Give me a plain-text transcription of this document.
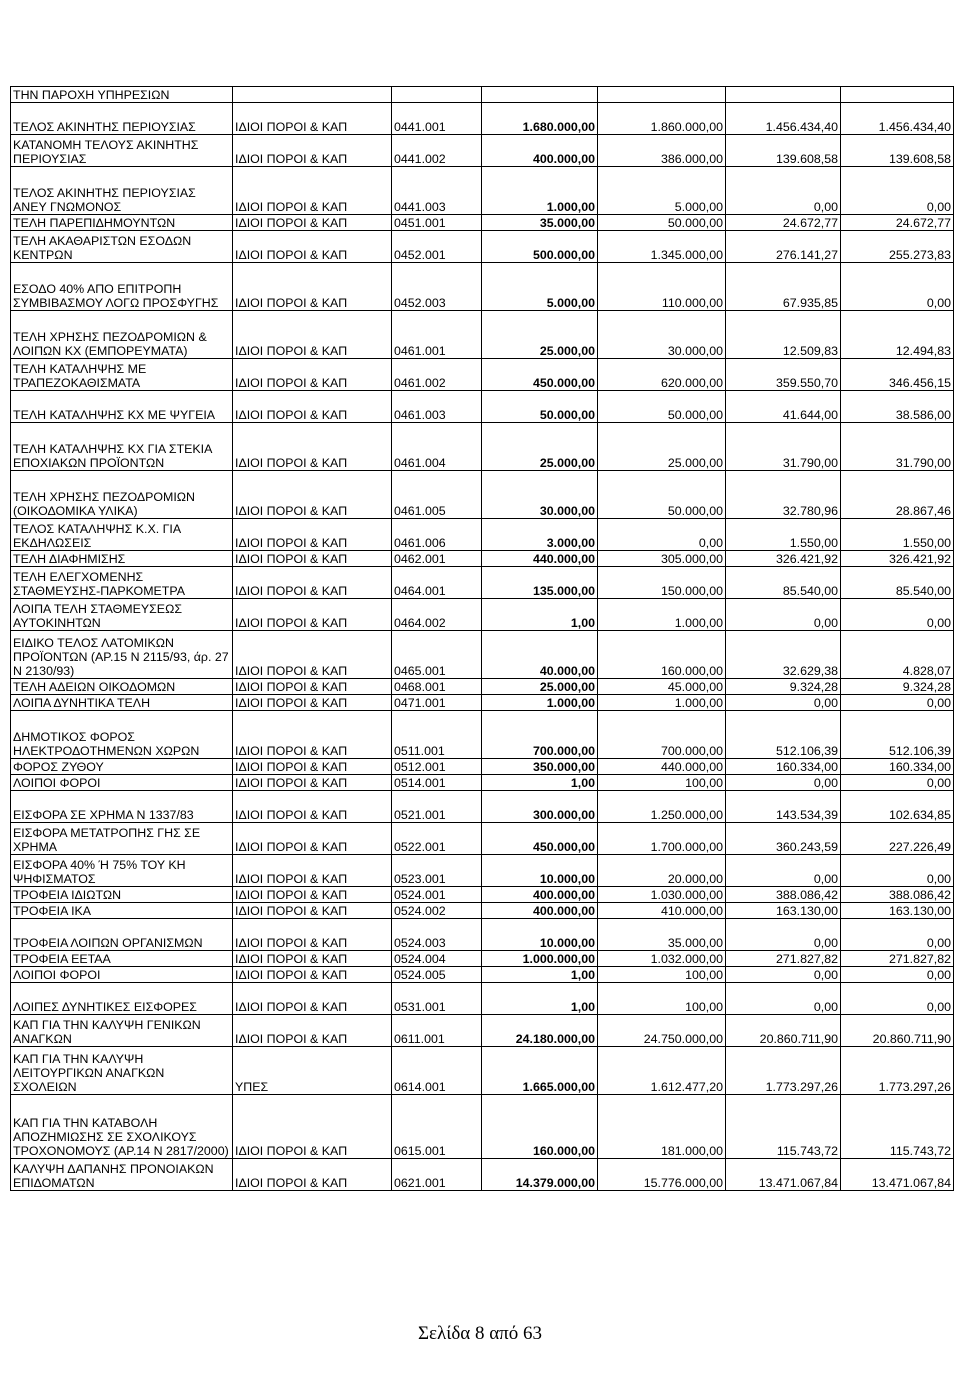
ΤΗΝ ΠΑΡΟΧΗ ΥΠΗΡΕΣΙΩΝ						
ΤΕΛΟΣ ΑΚΙΝΗΤΗΣ ΠΕΡΙΟΥΣΙΑΣ	ΙΔΙΟΙ ΠΟΡΟΙ & ΚΑΠ	0441.001	1.680.000,00	1.860.000,00	1.456.434,40	1.456.434,40
ΚΑΤΑΝΟΜΗ ΤΕΛΟΥΣ ΑΚΙΝΗΤΗΣ ΠΕΡΙΟΥΣΙΑΣ	ΙΔΙΟΙ ΠΟΡΟΙ & ΚΑΠ	0441.002	400.000,00	386.000,00	139.608,58	139.608,58
ΤΕΛΟΣ ΑΚΙΝΗΤΗΣ ΠΕΡΙΟΥΣΙΑΣ ΑΝΕΥ ΓΝΩΜΟΝΟΣ	ΙΔΙΟΙ ΠΟΡΟΙ & ΚΑΠ	0441.003	1.000,00	5.000,00	0,00	0,00
ΤΕΛΗ ΠΑΡΕΠΙΔΗΜΟΥΝΤΩΝ	ΙΔΙΟΙ ΠΟΡΟΙ & ΚΑΠ	0451.001	35.000,00	50.000,00	24.672,77	24.672,77
ΤΕΛΗ ΑΚΑΘΑΡΙΣΤΩΝ ΕΣΟΔΩΝ ΚΕΝΤΡΩΝ	ΙΔΙΟΙ ΠΟΡΟΙ & ΚΑΠ	0452.001	500.000,00	1.345.000,00	276.141,27	255.273,83
ΕΣΟΔΟ 40% ΑΠΟ ΕΠΙΤΡΟΠΗ ΣΥΜΒΙΒΑΣΜΟΥ ΛΟΓΩ ΠΡΟΣΦΥΓΗΣ	ΙΔΙΟΙ ΠΟΡΟΙ & ΚΑΠ	0452.003	5.000,00	110.000,00	67.935,85	0,00
ΤΕΛΗ ΧΡΗΣΗΣ ΠΕΖΟΔΡΟΜΙΩΝ & ΛΟΙΠΩΝ ΚΧ (ΕΜΠΟΡΕΥΜΑΤΑ)	ΙΔΙΟΙ ΠΟΡΟΙ & ΚΑΠ	0461.001	25.000,00	30.000,00	12.509,83	12.494,83
ΤΕΛΗ ΚΑΤΑΛΗΨΗΣ ΜΕ ΤΡΑΠΕΖΟΚΑΘΙΣΜΑΤΑ	ΙΔΙΟΙ ΠΟΡΟΙ & ΚΑΠ	0461.002	450.000,00	620.000,00	359.550,70	346.456,15
ΤΕΛΗ ΚΑΤΑΛΗΨΗΣ ΚΧ ΜΕ ΨΥΓΕΙΑ	ΙΔΙΟΙ ΠΟΡΟΙ & ΚΑΠ	0461.003	50.000,00	50.000,00	41.644,00	38.586,00
ΤΕΛΗ ΚΑΤΑΛΗΨΗΣ ΚΧ ΓΙΑ ΣΤΕΚΙΑ ΕΠΟΧΙΑΚΩΝ ΠΡΟΪΟΝΤΩΝ	ΙΔΙΟΙ ΠΟΡΟΙ & ΚΑΠ	0461.004	25.000,00	25.000,00	31.790,00	31.790,00
ΤΕΛΗ ΧΡΗΣΗΣ ΠΕΖΟΔΡΟΜΙΩΝ (ΟΙΚΟΔΟΜΙΚΑ ΥΛΙΚΑ)	ΙΔΙΟΙ ΠΟΡΟΙ & ΚΑΠ	0461.005	30.000,00	50.000,00	32.780,96	28.867,46
ΤΕΛΟΣ ΚΑΤΑΛΗΨΗΣ Κ.Χ. ΓΙΑ ΕΚΔΗΛΩΣΕΙΣ	ΙΔΙΟΙ ΠΟΡΟΙ & ΚΑΠ	0461.006	3.000,00	0,00	1.550,00	1.550,00
ΤΕΛΗ ΔΙΑΦΗΜΙΣΗΣ	ΙΔΙΟΙ ΠΟΡΟΙ & ΚΑΠ	0462.001	440.000,00	305.000,00	326.421,92	326.421,92
ΤΕΛΗ ΕΛΕΓΧΟΜΕΝΗΣ ΣΤΑΘΜΕΥΣΗΣ-ΠΑΡΚΟΜΕΤΡΑ	ΙΔΙΟΙ ΠΟΡΟΙ & ΚΑΠ	0464.001	135.000,00	150.000,00	85.540,00	85.540,00
ΛΟΙΠΑ ΤΕΛΗ ΣΤΑΘΜΕΥΣΕΩΣ ΑΥΤΟΚΙΝΗΤΩΝ	ΙΔΙΟΙ ΠΟΡΟΙ & ΚΑΠ	0464.002	1,00	1.000,00	0,00	0,00
ΕΙΔΙΚΟ ΤΕΛΟΣ ΛΑΤΟΜΙΚΩΝ ΠΡΟΪΟΝΤΩΝ (ΑΡ.15 Ν 2115/93, άρ. 27 Ν 2130/93)	ΙΔΙΟΙ ΠΟΡΟΙ & ΚΑΠ	0465.001	40.000,00	160.000,00	32.629,38	4.828,07
ΤΕΛΗ ΑΔΕΙΩΝ ΟΙΚΟΔΟΜΩΝ	ΙΔΙΟΙ ΠΟΡΟΙ & ΚΑΠ	0468.001	25.000,00	45.000,00	9.324,28	9.324,28
ΛΟΙΠΑ ΔΥΝΗΤΙΚΑ ΤΕΛΗ	ΙΔΙΟΙ ΠΟΡΟΙ & ΚΑΠ	0471.001	1.000,00	1.000,00	0,00	0,00
ΔΗΜΟΤΙΚΟΣ ΦΟΡΟΣ ΗΛΕΚΤΡΟΔΟΤΗΜΕΝΩΝ ΧΩΡΩΝ	ΙΔΙΟΙ ΠΟΡΟΙ & ΚΑΠ	0511.001	700.000,00	700.000,00	512.106,39	512.106,39
ΦΟΡΟΣ ΖΥΘΟΥ	ΙΔΙΟΙ ΠΟΡΟΙ & ΚΑΠ	0512.001	350.000,00	440.000,00	160.334,00	160.334,00
ΛΟΙΠΟΙ ΦΟΡΟΙ	ΙΔΙΟΙ ΠΟΡΟΙ & ΚΑΠ	0514.001	1,00	100,00	0,00	0,00
ΕΙΣΦΟΡΑ ΣΕ ΧΡΗΜΑ Ν 1337/83	ΙΔΙΟΙ ΠΟΡΟΙ & ΚΑΠ	0521.001	300.000,00	1.250.000,00	143.534,39	102.634,85
ΕΙΣΦΟΡΑ ΜΕΤΑΤΡΟΠΗΣ ΓΗΣ ΣΕ ΧΡΗΜΑ	ΙΔΙΟΙ ΠΟΡΟΙ & ΚΑΠ	0522.001	450.000,00	1.700.000,00	360.243,59	227.226,49
ΕΙΣΦΟΡΑ 40% Ή 75% ΤΟΥ ΚΗ ΨΗΦΙΣΜΑΤΟΣ	ΙΔΙΟΙ ΠΟΡΟΙ & ΚΑΠ	0523.001	10.000,00	20.000,00	0,00	0,00
ΤΡΟΦΕΙΑ ΙΔΙΩΤΩΝ	ΙΔΙΟΙ ΠΟΡΟΙ & ΚΑΠ	0524.001	400.000,00	1.030.000,00	388.086,42	388.086,42
ΤΡΟΦΕΙΑ ΙΚΑ	ΙΔΙΟΙ ΠΟΡΟΙ & ΚΑΠ	0524.002	400.000,00	410.000,00	163.130,00	163.130,00
ΤΡΟΦΕΙΑ ΛΟΙΠΩΝ ΟΡΓΑΝΙΣΜΩΝ	ΙΔΙΟΙ ΠΟΡΟΙ & ΚΑΠ	0524.003	10.000,00	35.000,00	0,00	0,00
ΤΡΟΦΕΙΑ ΕΕΤΑΑ	ΙΔΙΟΙ ΠΟΡΟΙ & ΚΑΠ	0524.004	1.000.000,00	1.032.000,00	271.827,82	271.827,82
ΛΟΙΠΟΙ ΦΟΡΟΙ	ΙΔΙΟΙ ΠΟΡΟΙ & ΚΑΠ	0524.005	1,00	100,00	0,00	0,00
ΛΟΙΠΕΣ ΔΥΝΗΤΙΚΕΣ ΕΙΣΦΟΡΕΣ	ΙΔΙΟΙ ΠΟΡΟΙ & ΚΑΠ	0531.001	1,00	100,00	0,00	0,00
ΚΑΠ ΓΙΑ ΤΗΝ ΚΑΛΥΨΗ ΓΕΝΙΚΩΝ ΑΝΑΓΚΩΝ	ΙΔΙΟΙ ΠΟΡΟΙ & ΚΑΠ	0611.001	24.180.000,00	24.750.000,00	20.860.711,90	20.860.711,90
ΚΑΠ ΓΙΑ ΤΗΝ ΚΑΛΥΨΗ ΛΕΙΤΟΥΡΓΙΚΩΝ ΑΝΑΓΚΩΝ ΣΧΟΛΕΙΩΝ	ΥΠΕΣ	0614.001	1.665.000,00	1.612.477,20	1.773.297,26	1.773.297,26
ΚΑΠ ΓΙΑ ΤΗΝ ΚΑΤΑΒΟΛΗ ΑΠΟΖΗΜΙΩΣΗΣ ΣΕ ΣΧΟΛΙΚΟΥΣ ΤΡΟΧΟΝΟΜΟΥΣ (ΑΡ.14 Ν 2817/2000)	ΙΔΙΟΙ ΠΟΡΟΙ & ΚΑΠ	0615.001	160.000,00	181.000,00	115.743,72	115.743,72
ΚΑΛΥΨΗ ΔΑΠΑΝΗΣ ΠΡΟΝΟΙΑΚΩΝ ΕΠΙΔΟΜΑΤΩΝ	ΙΔΙΟΙ ΠΟΡΟΙ & ΚΑΠ	0621.001	14.379.000,00	15.776.000,00	13.471.067,84	13.471.067,84
Σελίδα 8 από 63
